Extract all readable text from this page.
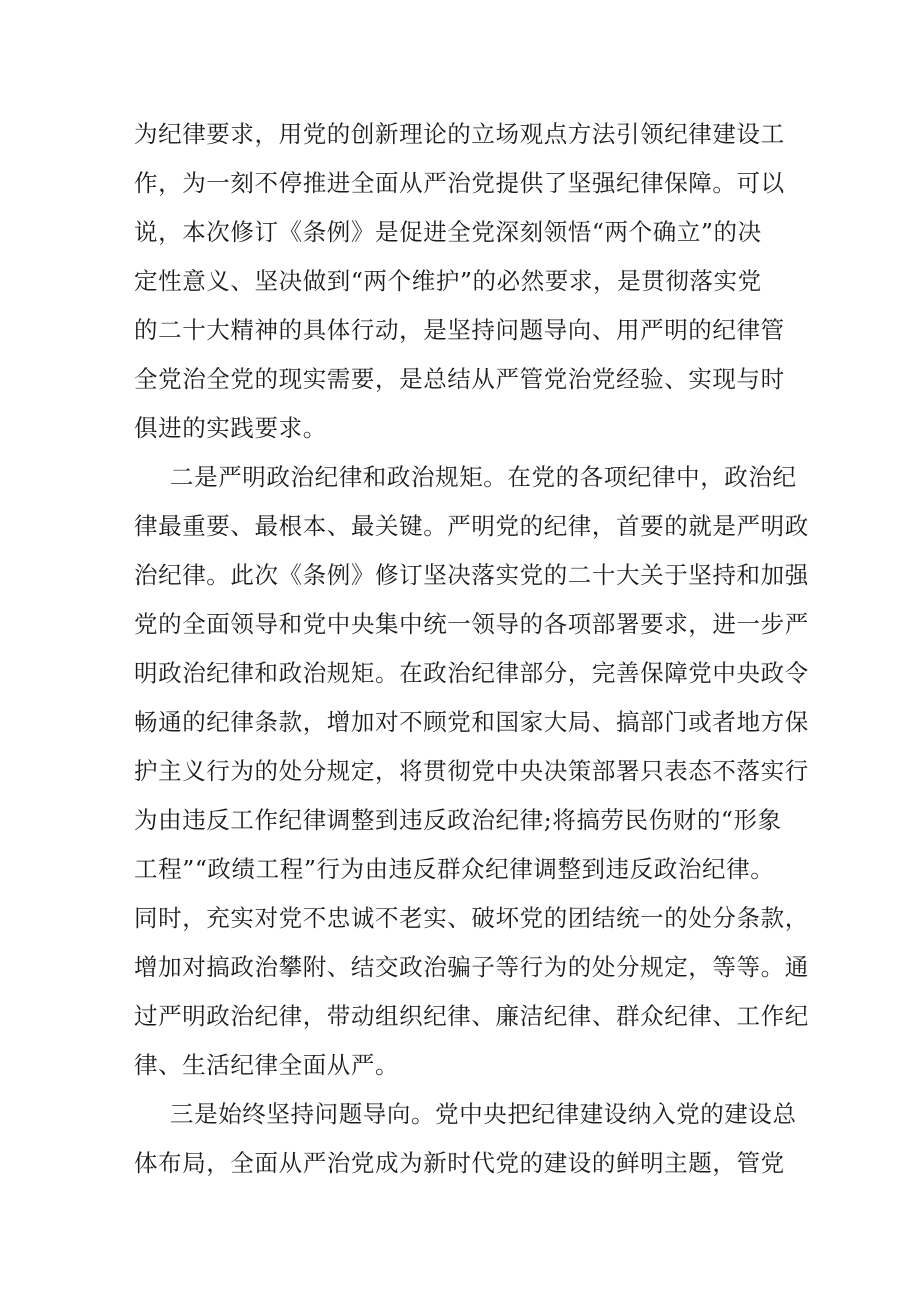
为纪律要求，用党的创新理论的立场观点方法引领纪律建设工
作，为一刻不停推进全面从严治党提供了坚强纪律保障。可以
说，本次修订《条例》是促进全党深刻领悟“两个确立”的决
定性意义、坚决做到“两个维护”的必然要求，是贯彻落实党
的二十大精神的具体行动，是坚持问题导向、用严明的纪律管
全党治全党的现实需要，是总结从严管党治党经验、实现与时
俱进的实践要求。
二是严明政治纪律和政治规矩。在党的各项纪律中，政治纪
律最重要、最根本、最关键。严明党的纪律，首要的就是严明政
治纪律。此次《条例》修订坚决落实党的二十大关于坚持和加强
党的全面领导和党中央集中统一领导的各项部署要求，进一步严
明政治纪律和政治规矩。在政治纪律部分，完善保障党中央政令
畅通的纪律条款，增加对不顾党和国家大局、搞部门或者地方保
护主义行为的处分规定，将贯彻党中央决策部署只表态不落实行
为由违反工作纪律调整到违反政治纪律;将搞劳民伤财的“形象
工程”“政绩工程”行为由违反群众纪律调整到违反政治纪律。
同时，充实对党不忠诚不老实、破坏党的团结统一的处分条款，
增加对搞政治攀附、结交政治骗子等行为的处分规定，等等。通
过严明政治纪律，带动组织纪律、廉洁纪律、群众纪律、工作纪
律、生活纪律全面从严。
三是始终坚持问题导向。党中央把纪律建设纳入党的建设总
体布局，全面从严治党成为新时代党的建设的鲜明主题，管党
